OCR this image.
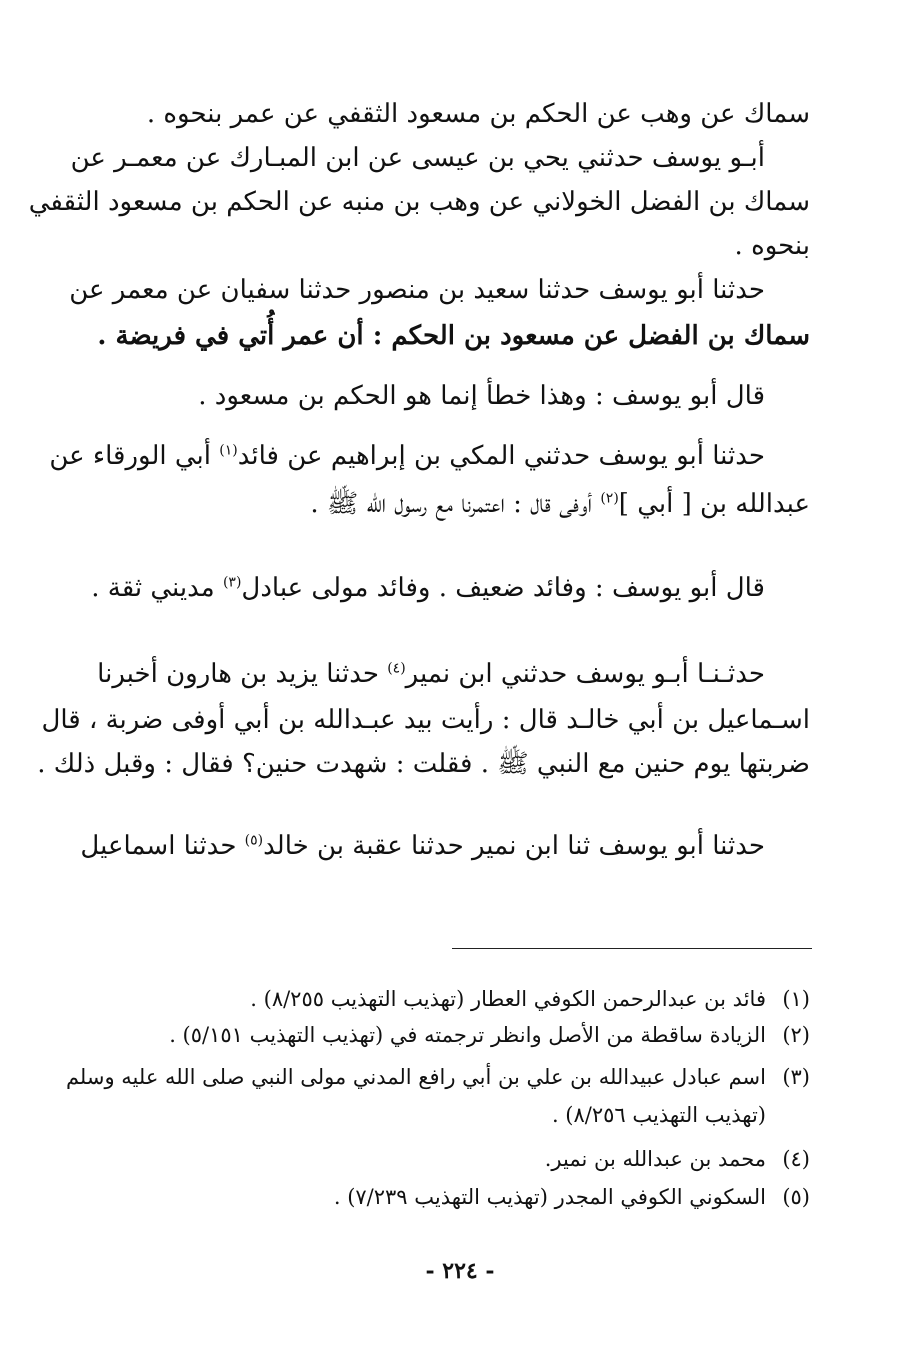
سماك عن وهب عن الحكم بن مسعود الثقفي عن عمر بنحوه .
أبـو يوسف حدثني يحي بن عيسى عن ابن المبـارك عن معمـر عن
سماك بن الفضل الخولاني عن وهب بن منبه عن الحكم بن مسعود الثقفي
بنحوه .
حدثنا أبو يوسف حدثنا سعيد بن منصور حدثنا سفيان عن معمر عن
سماك بن الفضل عن مسعود بن الحكم : أن عمر أُتي في فريضة .
قال أبو يوسف : وهذا خطأ إنما هو الحكم بن مسعود .
حدثنا أبو يوسف حدثني المكي بن إبراهيم عن فائد$^{(١)}$ أبي الورقاء عن
عبدالله بن [ أبي ]$^{(٢)}$ أوفى قال : اعتمرنا مع رسول الله ﷺ .
قال أبو يوسف : وفائد ضعيف . وفائد مولى عبادل$^{(٣)}$ مديني ثقة .
حدثـنـا أبـو يوسف حدثني ابن نمير$^{(٤)}$ حدثنا يزيد بن هارون أخبرنا
اسـماعيل بن أبي خالـد قال : رأيت بيد عبـدالله بن أبي أوفى ضربة ، قال
ضربتها يوم حنين مع النبي ﷺ . فقلت : شهدت حنين؟ فقال : وقبل ذلك .
حدثنا أبو يوسف ثنا ابن نمير حدثنا عقبة بن خالد$^{(٥)}$ حدثنا اسماعيل
(١)فائد بن عبدالرحمن الكوفي العطار (تهذيب التهذيب ٨/٢٥٥) .
(٢)الزيادة ساقطة من الأصل وانظر ترجمته في (تهذيب التهذيب ٥/١٥١) .
(٣)اسم عبادل عبيدالله بن علي بن أبي رافع المدني مولى النبي صلى الله عليه وسلم
(تهذيب التهذيب ٨/٢٥٦) .
(٤)محمد بن عبدالله بن نمير.
(٥)السكوني الكوفي المجدر (تهذيب التهذيب ٧/٢٣٩) .
- ٢٢٤ -
